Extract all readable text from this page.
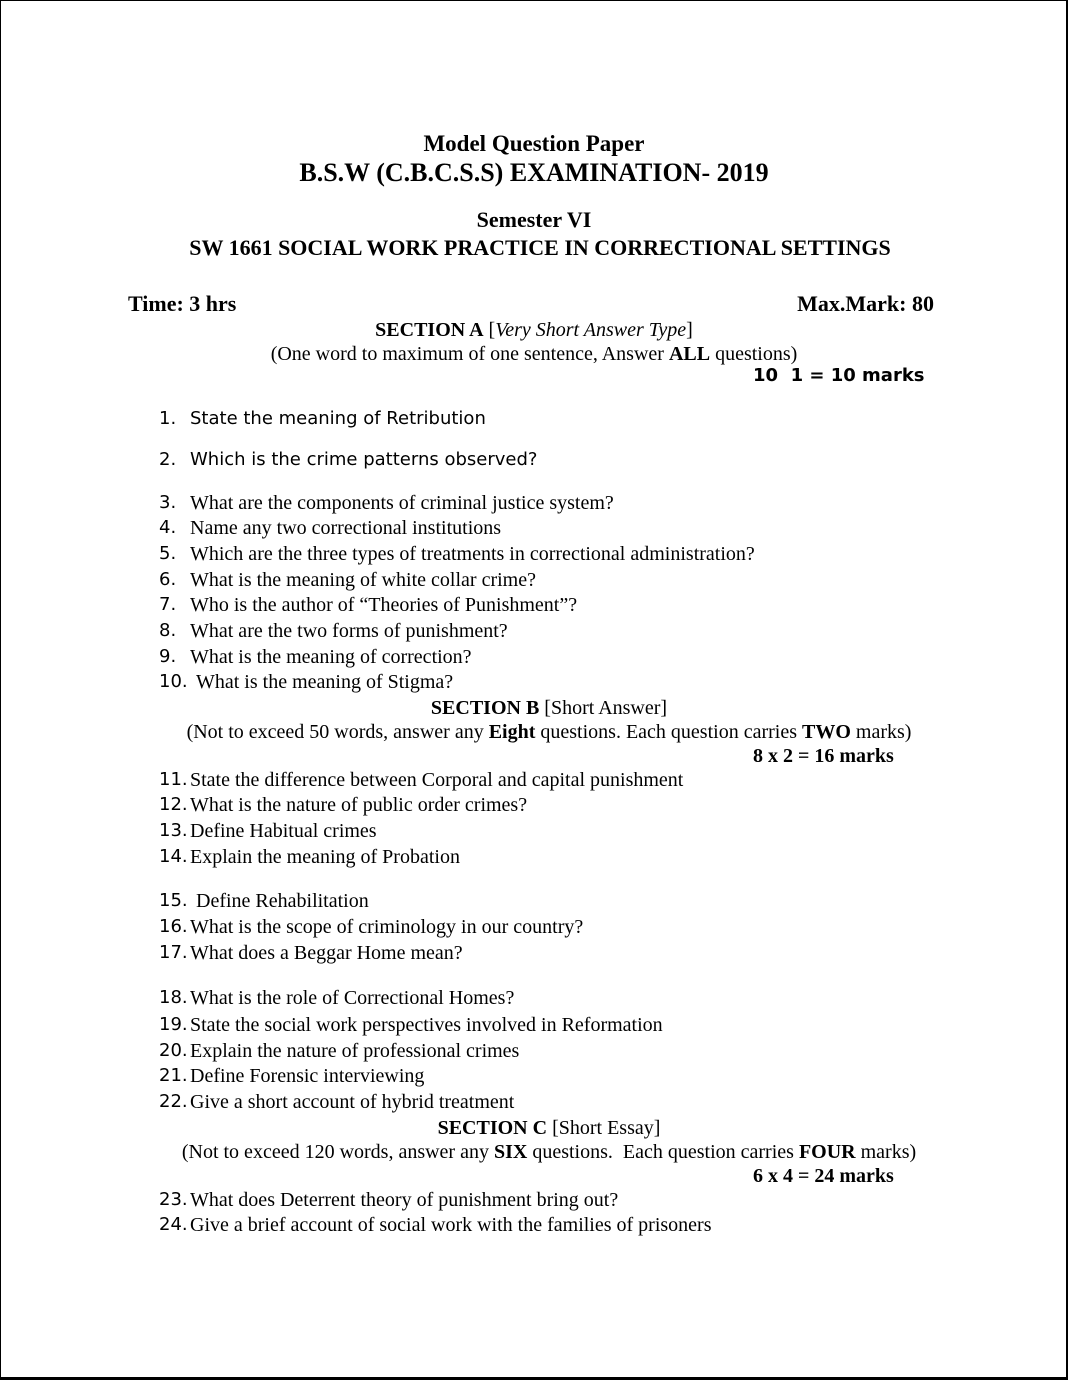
Model Question Paper
B.S.W (C.B.C.S.S) EXAMINATION- 2019
Semester VI
SW 1661 SOCIAL WORK PRACTICE IN CORRECTIONAL SETTINGS
Time: 3 hrs	Max.Mark: 80
SECTION A [Very Short Answer Type]
(One word to maximum of one sentence, Answer ALL questions)
10  1 = 10 marks
1. State the meaning of Retribution
2. Which is the crime patterns observed?
3. What are the components of criminal justice system?
4. Name any two correctional institutions
5. Which are the three types of treatments in correctional administration?
6. What is the meaning of white collar crime?
7. Who is the author of “Theories of Punishment”?
8. What are the two forms of punishment?
9. What is the meaning of correction?
10. What is the meaning of Stigma?
SECTION B [Short Answer]
(Not to exceed 50 words, answer any Eight questions. Each question carries TWO marks)
8 x 2 = 16 marks
11. State the difference between Corporal and capital punishment
12. What is the nature of public order crimes?
13. Define Habitual crimes
14. Explain the meaning of Probation
15. Define Rehabilitation
16. What is the scope of criminology in our country?
17. What does a Beggar Home mean?
18. What is the role of Correctional Homes?
19. State the social work perspectives involved in Reformation
20. Explain the nature of professional crimes
21. Define Forensic interviewing
22. Give a short account of hybrid treatment
SECTION C [Short Essay]
(Not to exceed 120 words, answer any SIX questions.  Each question carries FOUR marks)
6 x 4 = 24 marks
23. What does Deterrent theory of punishment bring out?
24. Give a brief account of social work with the families of prisoners
